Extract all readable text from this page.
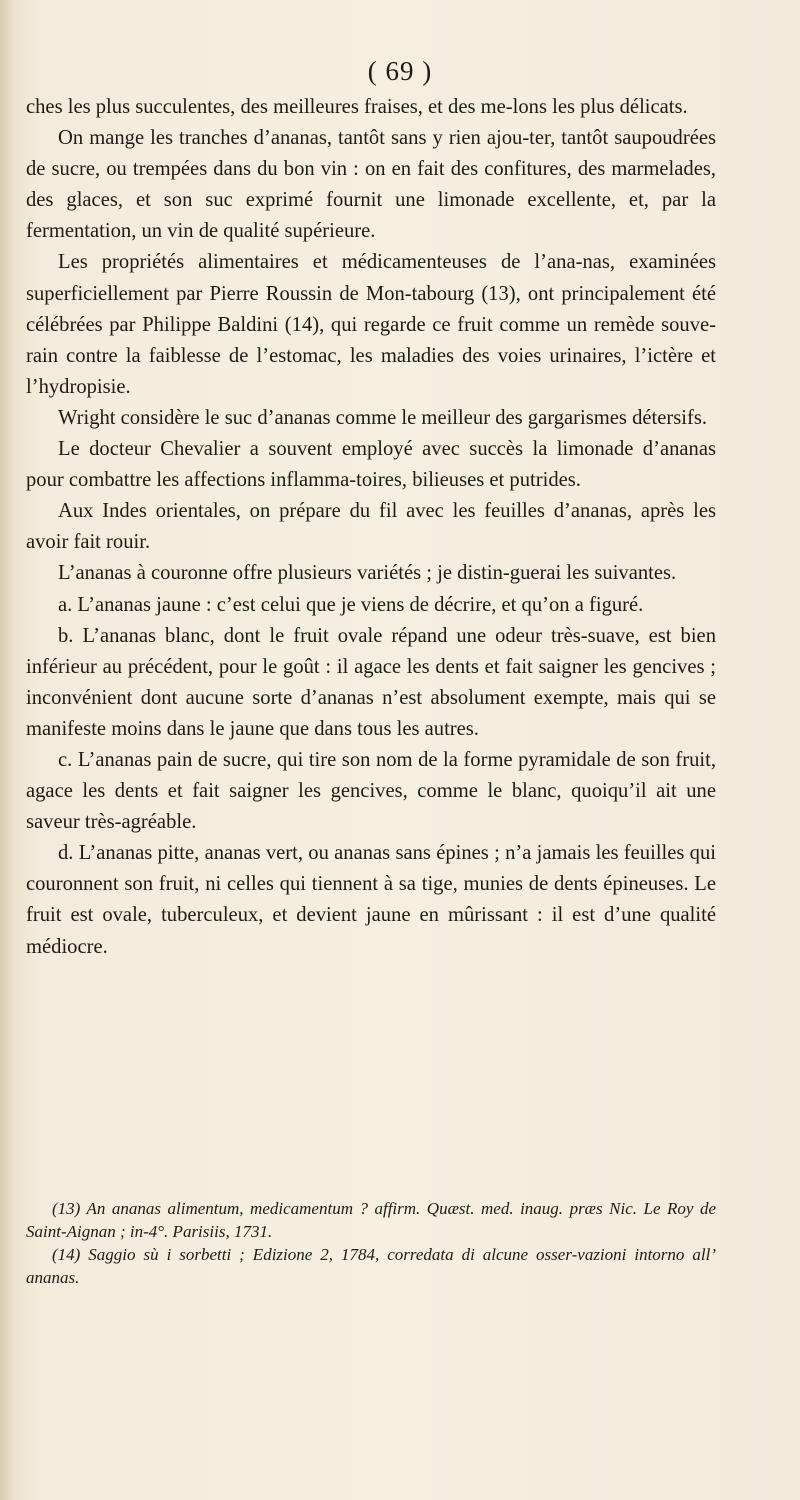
( 69 )

ches les plus succulentes, des meilleures fraises, et des me-lons les plus délicats.

On mange les tranches d’ananas, tantôt sans y rien ajou-ter, tantôt saupoudrées de sucre, ou trempées dans du bon vin : on en fait des confitures, des marmelades, des glaces, et son suc exprimé fournit une limonade excellente, et, par la fermentation, un vin de qualité supérieure.

Les propriétés alimentaires et médicamenteuses de l’ana-nas, examinées superficiellement par Pierre Roussin de Mon-tabourg (13), ont principalement été célébrées par Philippe Baldini (14), qui regarde ce fruit comme un remède souve-rain contre la faiblesse de l’estomac, les maladies des voies urinaires, l’ictère et l’hydropisie.

Wright considère le suc d’ananas comme le meilleur des gargarismes détersifs.

Le docteur Chevalier a souvent employé avec succès la limonade d’ananas pour combattre les affections inflamma-toires, bilieuses et putrides.

Aux Indes orientales, on prépare du fil avec les feuilles d’ananas, après les avoir fait rouir.

L’ananas à couronne offre plusieurs variétés ; je distin-guerai les suivantes.

a. L’ananas jaune : c’est celui que je viens de décrire, et qu’on a figuré.

b. L’ananas blanc, dont le fruit ovale répand une odeur très-suave, est bien inférieur au précédent, pour le goût : il agace les dents et fait saigner les gencives ; inconvénient dont aucune sorte d’ananas n’est absolument exempte, mais qui se manifeste moins dans le jaune que dans tous les autres.

c. L’ananas pain de sucre, qui tire son nom de la forme pyramidale de son fruit, agace les dents et fait saigner les gencives, comme le blanc, quoiqu’il ait une saveur très-agréable.

d. L’ananas pitte, ananas vert, ou ananas sans épines ; n’a jamais les feuilles qui couronnent son fruit, ni celles qui tiennent à sa tige, munies de dents épineuses. Le fruit est ovale, tuberculeux, et devient jaune en mûrissant : il est d’une qualité médiocre.

(13) An ananas alimentum, medicamentum ? affirm. Quæst. med. inaug. præs Nic. Le Roy de Saint-Aignan ; in-4°. Parisiis, 1731.

(14) Saggio sù i sorbetti ; Edizione 2, 1784, corredata di alcune osser-vazioni intorno all’ ananas.
